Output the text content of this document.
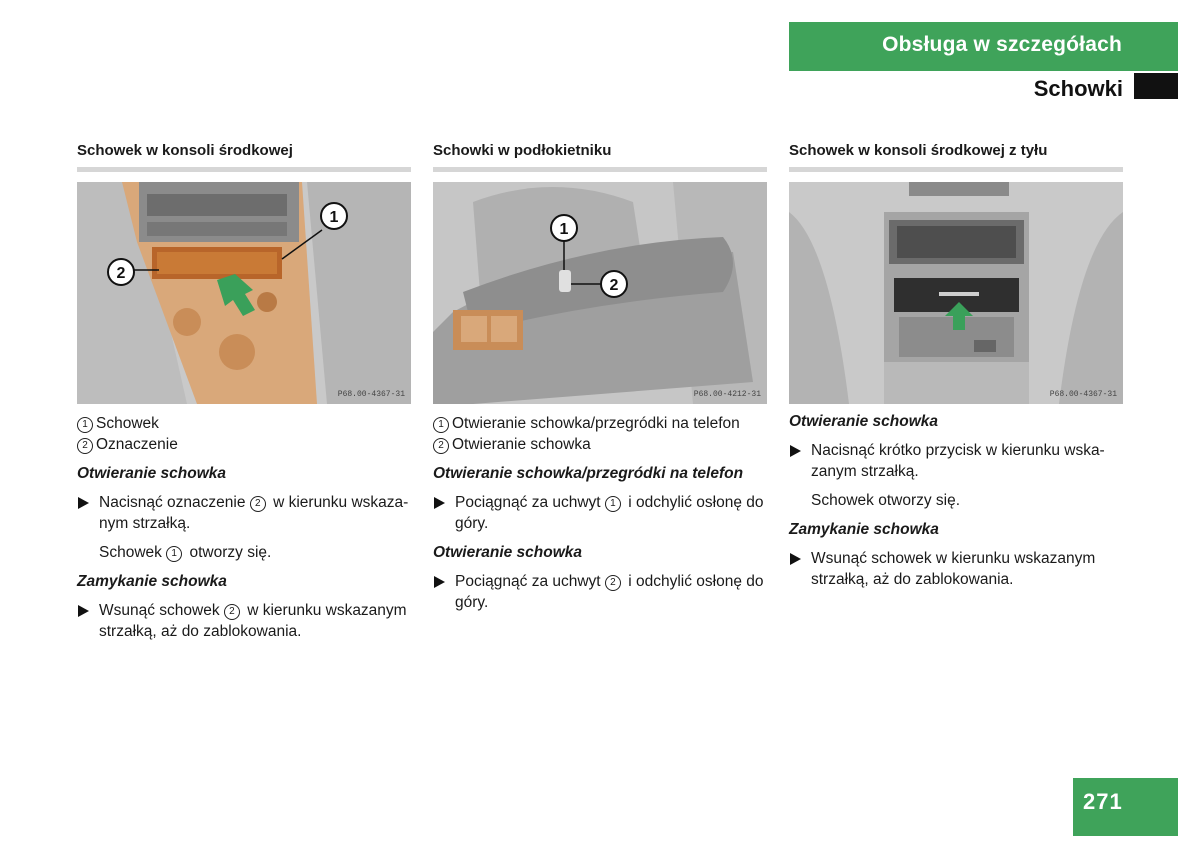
Obsługa w szczegółach
Schowki
Schowek w konsoli środkowej
2
1
P68.00-4367-31
1 Schowek
2 Oznaczenie
Otwieranie schowka
Nacisnąć oznaczenie 2 w kierunku wskaza-
nym strzałką.
Schowek 1 otworzy się.
Zamykanie schowka
Wsunąć schowek 2 w kierunku wskazanym
strzałką, aż do zablokowania.
Schowki w podłokietniku
1
2
P68.00-4212-31
1 Otwieranie schowka/przegródki na telefon
2 Otwieranie schowka
Otwieranie schowka/przegródki na telefon
Pociągnąć za uchwyt 1 i odchylić osłonę do
góry.
Otwieranie schowka
Pociągnąć za uchwyt 2 i odchylić osłonę do
góry.
Schowek w konsoli środkowej z tyłu
P68.00-4367-31
Otwieranie schowka
Nacisnąć krótko przycisk w kierunku wska-
zanym strzałką.
Schowek otworzy się.
Zamykanie schowka
Wsunąć schowek w kierunku wskazanym
strzałką, aż do zablokowania.
271
